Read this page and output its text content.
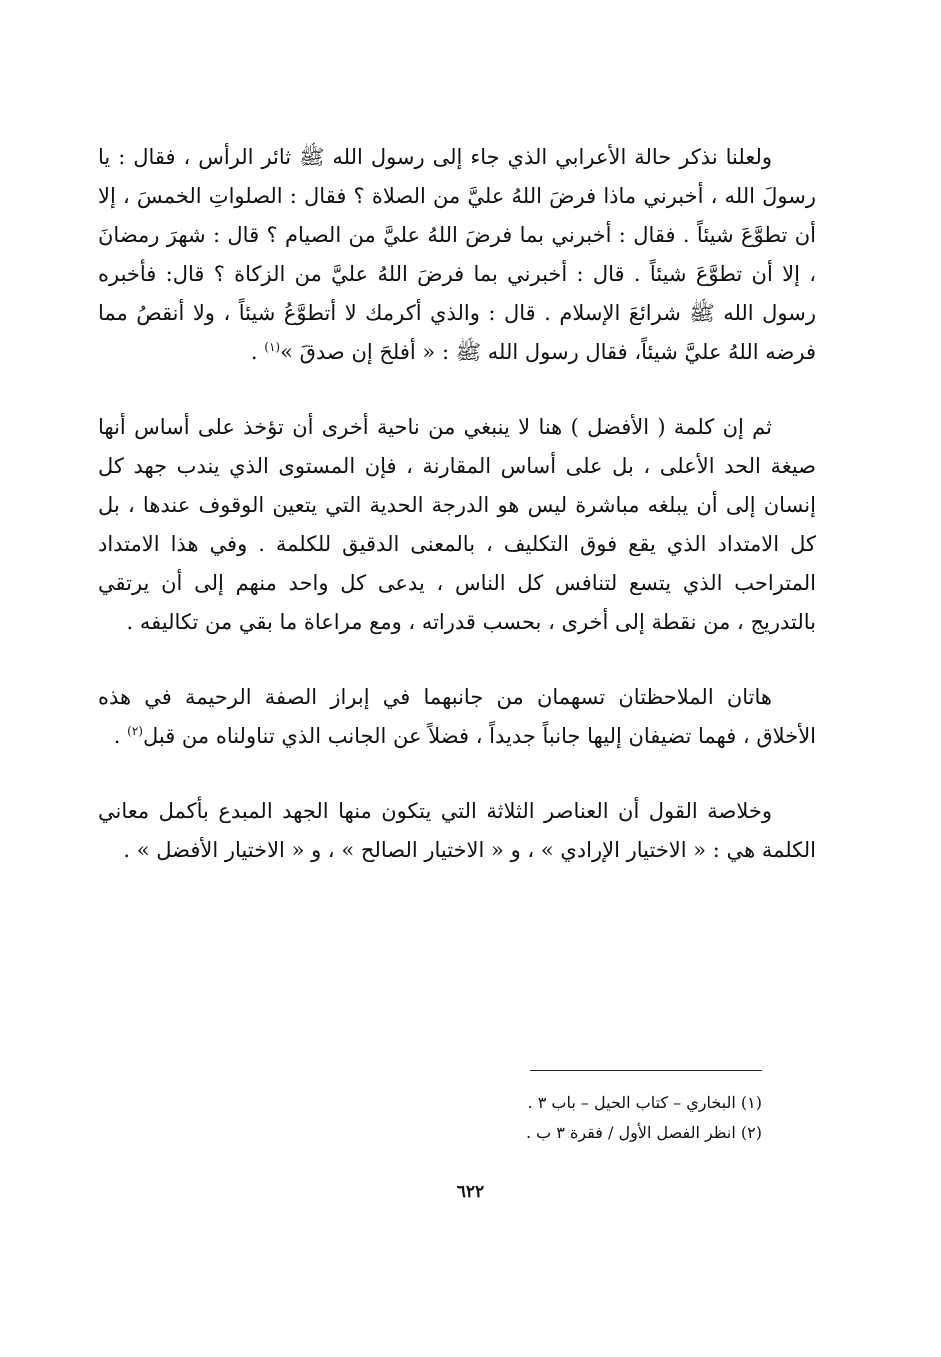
ولعلنا نذكر حالة الأعرابي الذي جاء إلى رسول الله ﷺ ثائر الرأس ، فقال : يا رسولَ الله ، أخبرني ماذا فرضَ اللهُ عليَّ من الصلاة ؟ فقال : الصلواتِ الخمسَ ، إلا أن تطوَّعَ شيئاً . فقال : أخبرني بما فرضَ اللهُ عليَّ من الصيام ؟ قال : شهرَ رمضانَ ، إلا أن تطوَّعَ شيئاً . قال : أخبرني بما فرضَ اللهُ عليَّ من الزكاة ؟ قال: فأخبره رسول الله ﷺ شرائعَ الإسلام . قال : والذي أكرمك لا أتطوَّعُ شيئاً ، ولا أنقصُ مما فرضه اللهُ عليَّ شيئاً، فقال رسول الله ﷺ : « أفلحَ إن صدقَ »$^{(١)}$ .

ثم إن كلمة ( الأفضل ) هنا لا ينبغي من ناحية أخرى أن تؤخذ على أساس أنها صيغة الحد الأعلى ، بل على أساس المقارنة ، فإن المستوى الذي يندب جهد كل إنسان إلى أن يبلغه مباشرة ليس هو الدرجة الحدية التي يتعين الوقوف عندها ، بل كل الامتداد الذي يقع فوق التكليف ، بالمعنى الدقيق للكلمة . وفي هذا الامتداد المتراحب الذي يتسع لتنافس كل الناس ، يدعى كل واحد منهم إلى أن يرتقي بالتدريج ، من نقطة إلى أخرى ، بحسب قدراته ، ومع مراعاة ما بقي من تكاليفه .

هاتان الملاحظتان تسهمان من جانبهما في إبراز الصفة الرحيمة في هذه الأخلاق ، فهما تضيفان إليها جانباً جديداً ، فضلاً عن الجانب الذي تناولناه من قبل$^{(٢)}$ .

وخلاصة القول أن العناصر الثلاثة التي يتكون منها الجهد المبدع بأكمل معاني الكلمة هي : « الاختيار الإرادي » ، و « الاختيار الصالح » ، و « الاختيار الأفضل » .

(١) البخاري – كتاب الحيل – باب ٣ .

(٢) انظر الفصل الأول / فقرة ٣ ب .

٦٢٢
